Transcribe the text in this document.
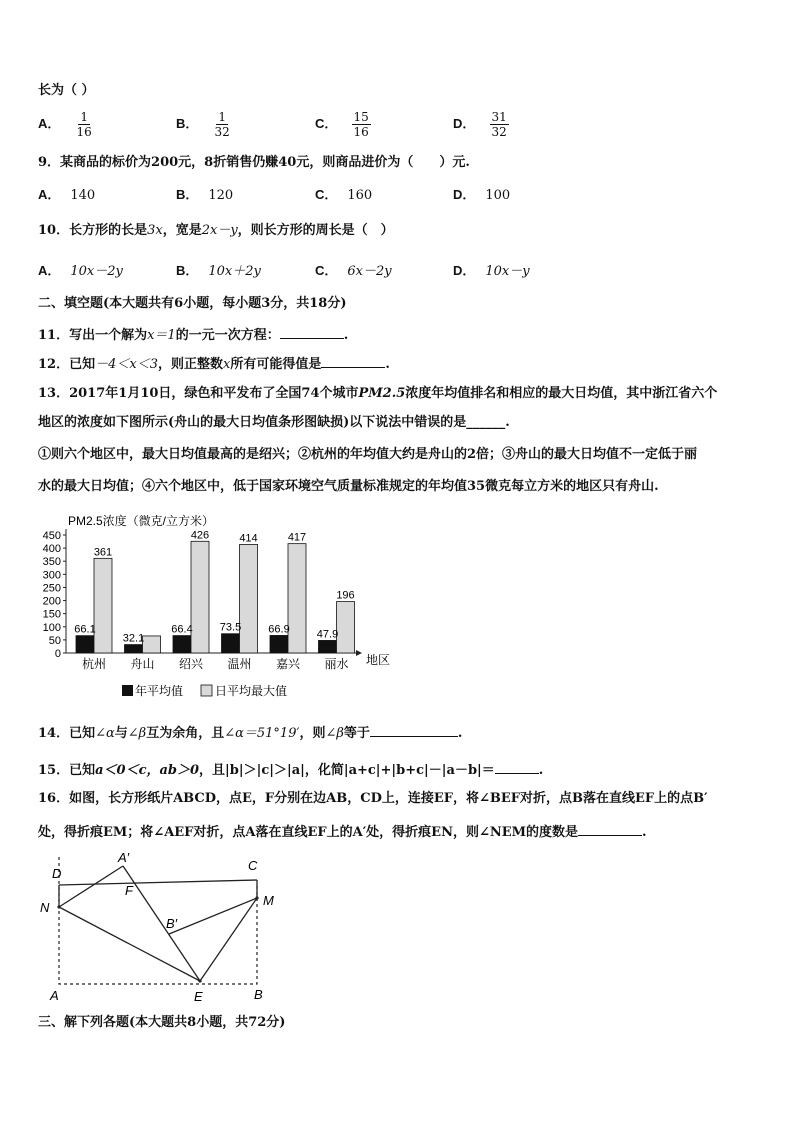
长为（ ）
A． $\frac{1}{16}$	B． $\frac{1}{32}$	C． $\frac{15}{16}$	D． $\frac{31}{32}$
9．某商品的标价为200元，8折销售仍赚40元，则商品进价为（　　）元.
A． 140	B． 120	C． 160	D． 100
10．长方形的长是3x，宽是2x－y，则长方形的周长是（　）
A． 10x－2y	B． 10x＋2y	C． 6x－2y	D． 10x－y
二、填空题(本大题共有6小题，每小题3分，共18分)
11．写出一个解为x＝1的一元一次方程：	.
12．已知－4＜x＜3，则正整数x所有可能得值是	.
13．2017年1月10日，绿色和平发布了全国74个城市PM2.5浓度年均值排名和相应的最大日均值，其中浙江省六个
地区的浓度如下图所示(舟山的最大日均值条形图缺损)以下说法中错误的是______.
①则六个地区中，最大日均值最高的是绍兴；②杭州的年均值大约是舟山的2倍；③舟山的最大日均值不一定低于丽
水的最大日均值；④六个地区中，低于国家环境空气质量标准规定的年均值35微克每立方米的地区只有舟山.
PM2.5浓度（微克/立方米）
地区
0
50
100
150
200
250
300
350
400
450
66.1
361
杭州
32.1
舟山
66.4
426
绍兴
73.5
414
温州
66.9
417
嘉兴
47.9
196
丽水
年平均值	日平均最大值
14．已知∠α与∠β互为余角，且∠α＝51°19′，则∠β等于	.
15．已知a＜0＜c，ab＞0，且|b|＞|c|＞|a|，化简|a+c|+|b+c|－|a－b|＝	.
16．如图，长方形纸片ABCD，点E，F分别在边AB，CD上，连接EF，将∠BEF对折，点B落在直线EF上的点B′
处，得折痕EM；将∠AEF对折，点A落在直线EF上的A′处，得折痕EN，则∠NEM的度数是	.
D
A′
F
C
N	M
B′
A	E	B
三、解下列各题(本大题共8小题，共72分)
